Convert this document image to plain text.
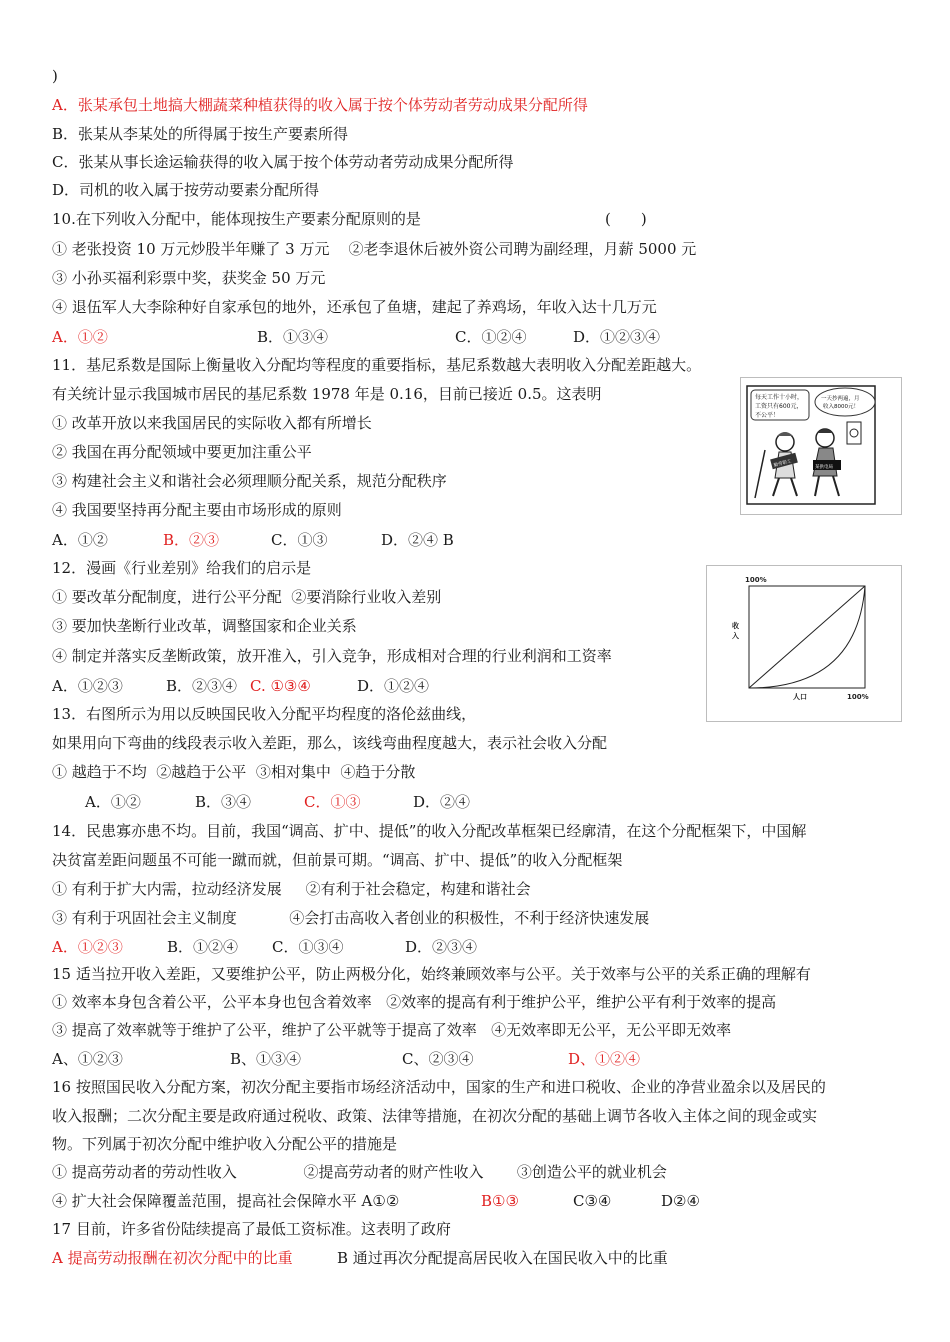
)
A．张某承包土地搞大棚蔬菜种植获得的收入属于按个体劳动者劳动成果分配所得
B．张某从李某处的所得属于按生产要素所得
C．张某从事长途运输获得的收入属于按个体劳动者劳动成果分配所得
D．司机的收入属于按劳动要素分配所得
10.在下列收入分配中，能体现按生产要素分配原则的是	(　　)
① 老张投资 10 万元炒股半年赚了 3 万元    ②老李退休后被外资公司聘为副经理，月薪 5000 元
③ 小孙买福利彩票中奖，获奖金 50 万元
④ 退伍军人大李除种好自家承包的地外，还承包了鱼塘，建起了养鸡场，年收入达十几万元
A．①②	B．①③④	C．①②④	D．①②③④
11．基尼系数是国际上衡量收入分配均等程度的重要指标，基尼系数越大表明收入分配差距越大。
有关统计显示我国城市居民的基尼系数 1978 年是 0.16，目前已接近 0.5。这表明
① 改革开放以来我国居民的实际收入都有所增长
② 我国在再分配领域中要更加注重公平
③ 构建社会主义和谐社会必须理顺分配关系，规范分配秩序
④ 我国要坚持再分配主要由市场形成的原则
A．①②	B．②③	C．①③	D．②④ B
12．漫画《行业差别》给我们的启示是
① 要改革分配制度，进行公平分配  ②要消除行业收入差别
③ 要加快垄断行业改革，调整国家和企业关系
④ 制定并落实反垄断政策，放开准入，引入竞争，形成相对合理的行业利润和工资率
A．①②③	B．②③④ C. ①③④	D．①②④
13．右图所示为用以反映国民收入分配平均程度的洛伦兹曲线，
如果用向下弯曲的线段表示收入差距，那么，该线弯曲程度越大，表示社会收入分配
① 越趋于不均  ②越趋于公平  ③相对集中  ④趋于分散
A．①②	B．③④	C．①③	D．②④
14．民患寡亦患不均。目前，我国“调高、扩中、提低”的收入分配改革框架已经廓清，在这个分配框架下，中国解
决贫富差距问题虽不可能一蹴而就，但前景可期。“调高、扩中、提低”的收入分配框架
① 有利于扩大内需，拉动经济发展     ②有利于社会稳定，构建和谐社会
③ 有利于巩固社会主义制度           ④会打击高收入者创业的积极性，不利于经济快速发展
A．①②③	B．①②④ C．①③④	D．②③④
15 适当拉开收入差距，又要维护公平，防止两极分化，始终兼顾效率与公平。关于效率与公平的关系正确的理解有
① 效率本身包含着公平，公平本身也包含着效率   ②效率的提高有利于维护公平，维护公平有利于效率的提高
③ 提高了效率就等于维护了公平，维护了公平就等于提高了效率   ④无效率即无公平，无公平即无效率
A、①②③	B、①③④	C、②③④	D、①②④
16 按照国民收入分配方案，初次分配主要指市场经济活动中，国家的生产和进口税收、企业的净营业盈余以及居民的
收入报酬；二次分配主要是政府通过税收、政策、法律等措施，在初次分配的基础上调节各收入主体之间的现金或实
物。下列属于初次分配中维护收入分配公平的措施是
① 提高劳动者的劳动性收入              ②提高劳动者的财产性收入       ③创造公平的就业机会
④ 扩大社会保障覆盖范围，提高社会保障水平 A①②	B①③	C③④	D②④
17 目前，许多省份陆续提高了最低工资标准。这表明了政府
A 提高劳动报酬在初次分配中的比重	B 通过再次分配提高居民收入在国民收入中的比重
每天工作十小时，
工资只有600元，
不公平！
一天抄两遍，月
收入8000元！
勤劳职工	某供电局
100%
收
入
人口	100%
